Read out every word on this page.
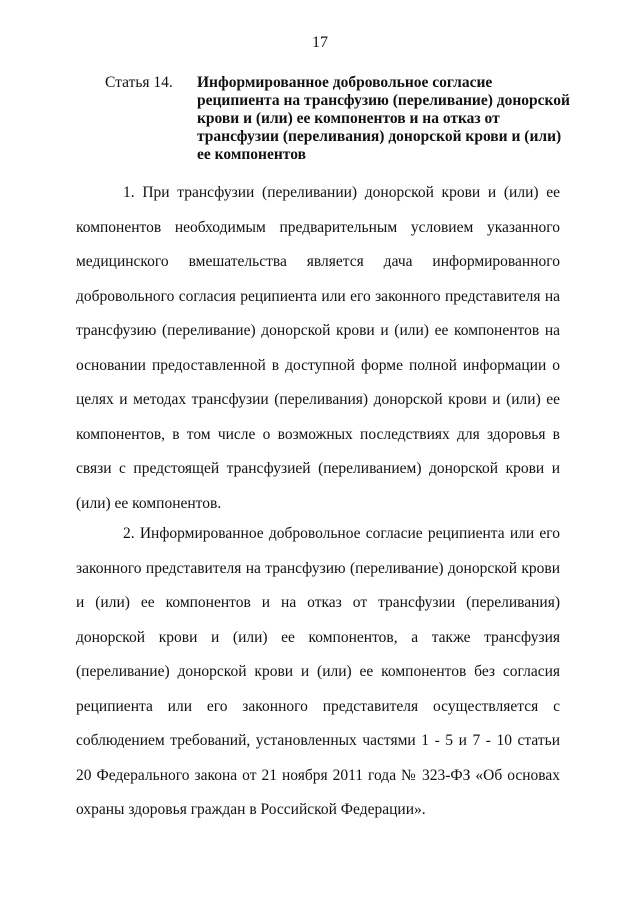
17
Статья 14.	Информированное добровольное согласие реципиента на трансфузию (переливание) донорской крови и (или) ее компонентов и на отказ от трансфузии (переливания) донорской крови и (или) ее компонентов

1. При трансфузии (переливании) донорской крови и (или) ее компонентов необходимым предварительным условием указанного медицинского вмешательства является дача информированного добровольного согласия реципиента или его законного представителя на трансфузию (переливание) донорской крови и (или) ее компонентов на основании предоставленной в доступной форме полной информации о целях и методах трансфузии (переливания) донорской крови и (или) ее компонентов, в том числе о возможных последствиях для здоровья в связи с предстоящей трансфузией (переливанием) донорской крови и (или) ее компонентов.

2. Информированное добровольное согласие реципиента или его законного представителя на трансфузию (переливание) донорской крови и (или) ее компонентов и на отказ от трансфузии (переливания) донорской крови и (или) ее компонентов, а также трансфузия (переливание) донорской крови и (или) ее компонентов без согласия реципиента или его законного представителя осуществляется с соблюдением требований, установленных частями 1 - 5 и 7 - 10 статьи 20 Федерального закона от 21 ноября 2011 года № 323-ФЗ «Об основах охраны здоровья граждан в Российской Федерации».
